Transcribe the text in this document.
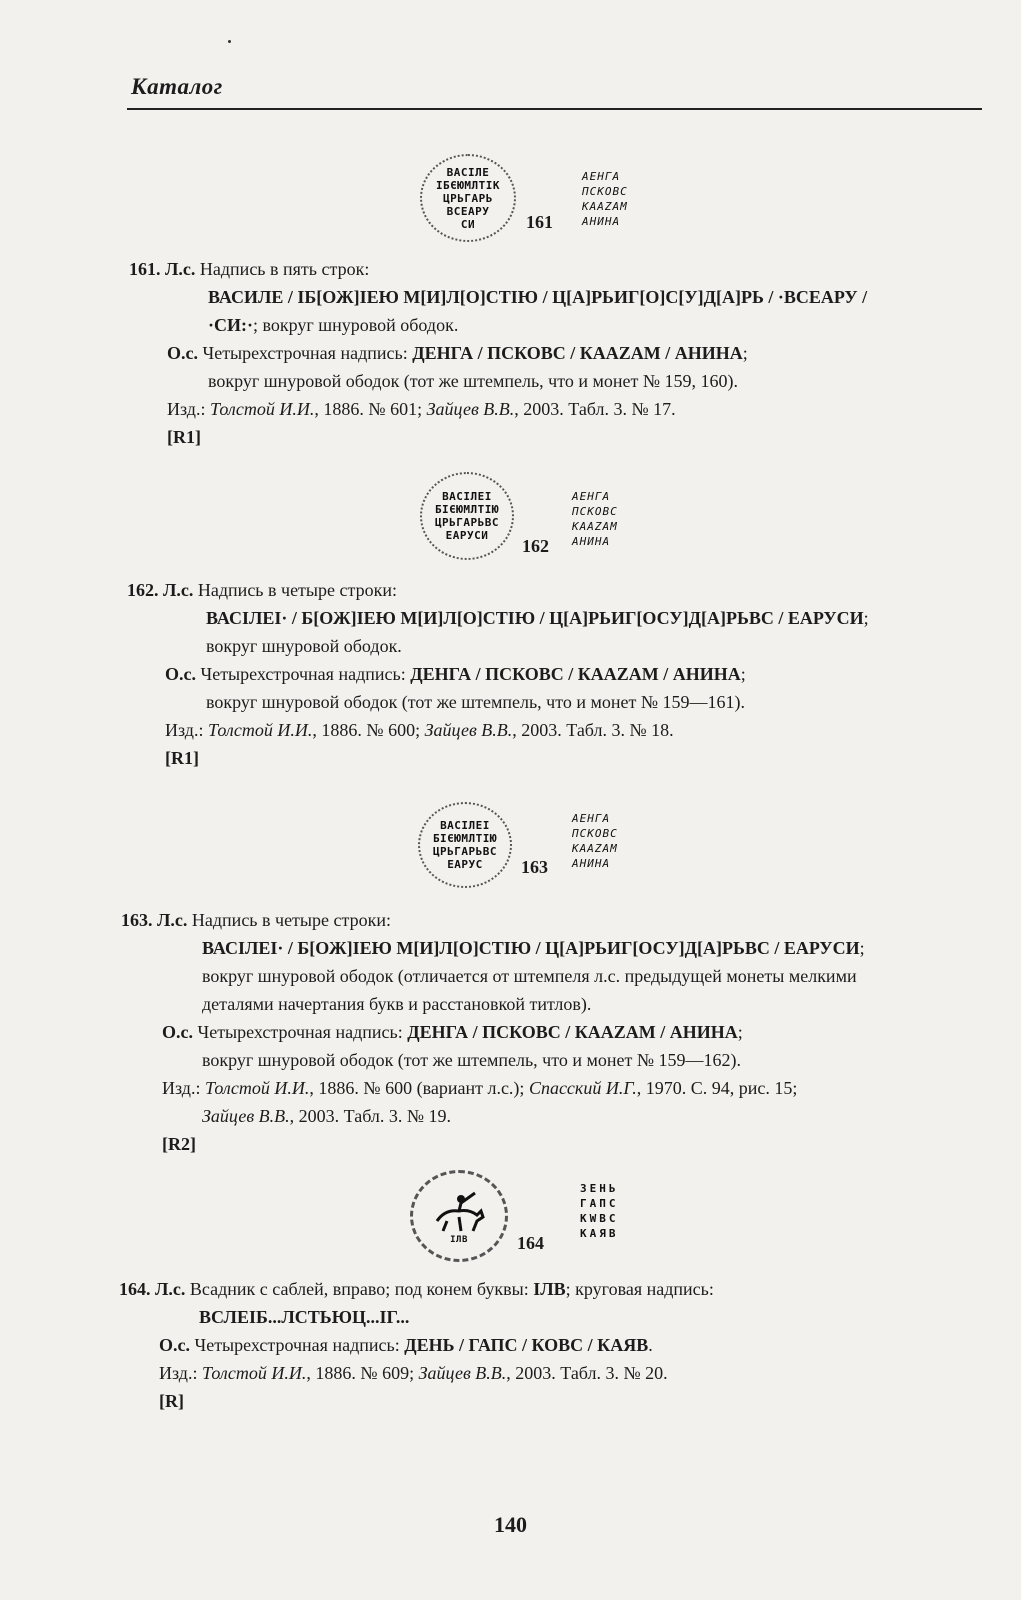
Каталог
ВАСІЛЕ
ІБЄЮМЛТІК
ЦРЬГАРЬ
ВСЕАРУ
СИ	161
АЕНГА
ПСКОВС
КААZАМ
АНИНА
161. Л.с. Надпись в пять строк:
ВАСИЛЕ / ІБ[ОЖ]ІЕЮ М[И]Л[О]СТІЮ / Ц[А]РЬИГ[О]С[У]Д[А]РЬ / ·ВСЕАРУ /
·СИ:·; вокруг шнуровой ободок.
О.с. Четырехстрочная надпись: ДЕНГА / ПСКОВС / КААZАМ / АНИНА;
вокруг шнуровой ободок (тот же штемпель, что и монет № 159, 160).
Изд.: Толстой И.И., 1886. № 601; Зайцев В.В., 2003. Табл. 3. № 17.
[R1]
ВАСІЛЕІ
БІЄЮМЛТІЮ
ЦРЬГАРЬВС
ЕАРУСИ
162
АЕНГА
ПСКОВС
КААZАМ
АНИНА
162. Л.с. Надпись в четыре строки:
ВАСІЛЕІ· / Б[ОЖ]ІЕЮ М[И]Л[О]СТІЮ / Ц[А]РЬИГ[ОСУ]Д[А]РЬВС / ЕАРУСИ;
вокруг шнуровой ободок.
О.с. Четырехстрочная надпись: ДЕНГА / ПСКОВС / КААZАМ / АНИНА;
вокруг шнуровой ободок (тот же штемпель, что и монет № 159—161).
Изд.: Толстой И.И., 1886. № 600; Зайцев В.В., 2003. Табл. 3. № 18.
[R1]
ВАСІЛЕІ
БІЄЮМЛТІЮ
ЦРЬГАРЬВС
ЕАРУС 163
АЕНГА
ПСКОВС
КААZАМ
АНИНА
163. Л.с. Надпись в четыре строки:
ВАСІЛЕІ· / Б[ОЖ]ІЕЮ М[И]Л[О]СТІЮ / Ц[А]РЬИГ[ОСУ]Д[А]РЬВС / ЕАРУСИ;
вокруг шнуровой ободок (отличается от штемпеля л.с. предыдущей монеты мелкими
деталями начертания букв и расстановкой титлов).
О.с. Четырехстрочная надпись: ДЕНГА / ПСКОВС / КААZАМ / АНИНА;
вокруг шнуровой ободок (тот же штемпель, что и монет № 159—162).
Изд.: Толстой И.И., 1886. № 600 (вариант л.с.); Спасский И.Г., 1970. С. 94, рис. 15;
Зайцев В.В., 2003. Табл. 3. № 19.
[R2]
ІЛВ	164
ЗЕНЬ
ГАПС
КWВС
КАЯВ
164. Л.с. Всадник с саблей, вправо; под конем буквы: ІЛВ; круговая надпись:
ВСЛЕІБ...ЛСТЬЮЦ...ІГ...
О.с. Четырехстрочная надпись: ДЕНЬ / ГАПС / КОВС / КАЯВ.
Изд.: Толстой И.И., 1886. № 609; Зайцев В.В., 2003. Табл. 3. № 20.
[R]
140
